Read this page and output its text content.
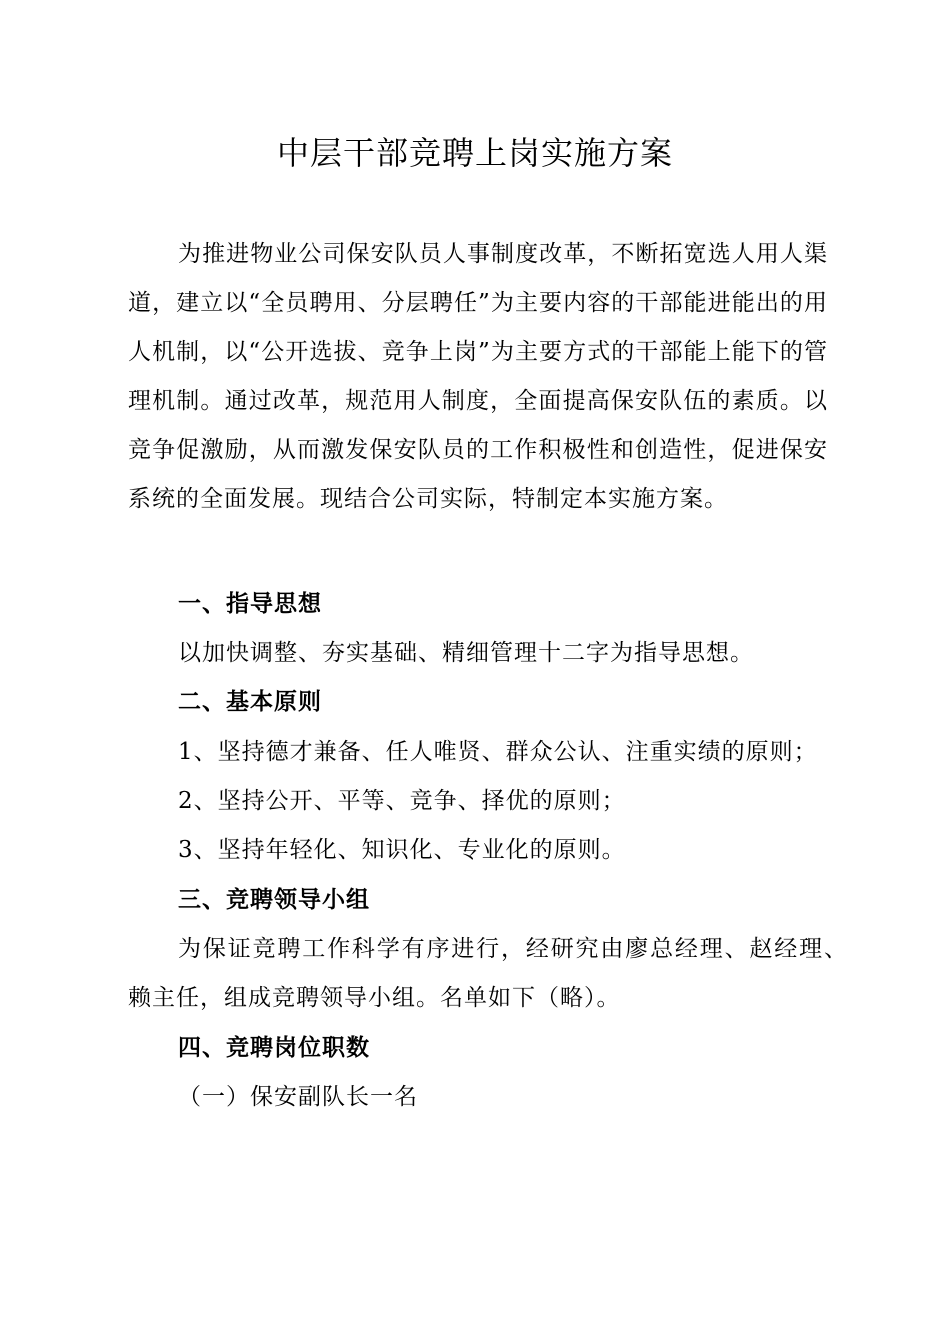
中层干部竞聘上岗实施方案

为推进物业公司保安队员人事制度改革，不断拓宽选人用人渠道，建立以“全员聘用、分层聘任”为主要内容的干部能进能出的用人机制，以“公开选拔、竞争上岗”为主要方式的干部能上能下的管理机制。通过改革，规范用人制度，全面提高保安队伍的素质。以竞争促激励，从而激发保安队员的工作积极性和创造性，促进保安系统的全面发展。现结合公司实际，特制定本实施方案。

一、指导思想

以加快调整、夯实基础、精细管理十二字为指导思想。

二、基本原则

1、坚持德才兼备、任人唯贤、群众公认、注重实绩的原则；

2、坚持公开、平等、竞争、择优的原则；

3、坚持年轻化、知识化、专业化的原则。

三、竞聘领导小组

为保证竞聘工作科学有序进行，经研究由廖总经理、赵经理、赖主任，组成竞聘领导小组。名单如下（略）。

四、竞聘岗位职数

（一）保安副队长一名
